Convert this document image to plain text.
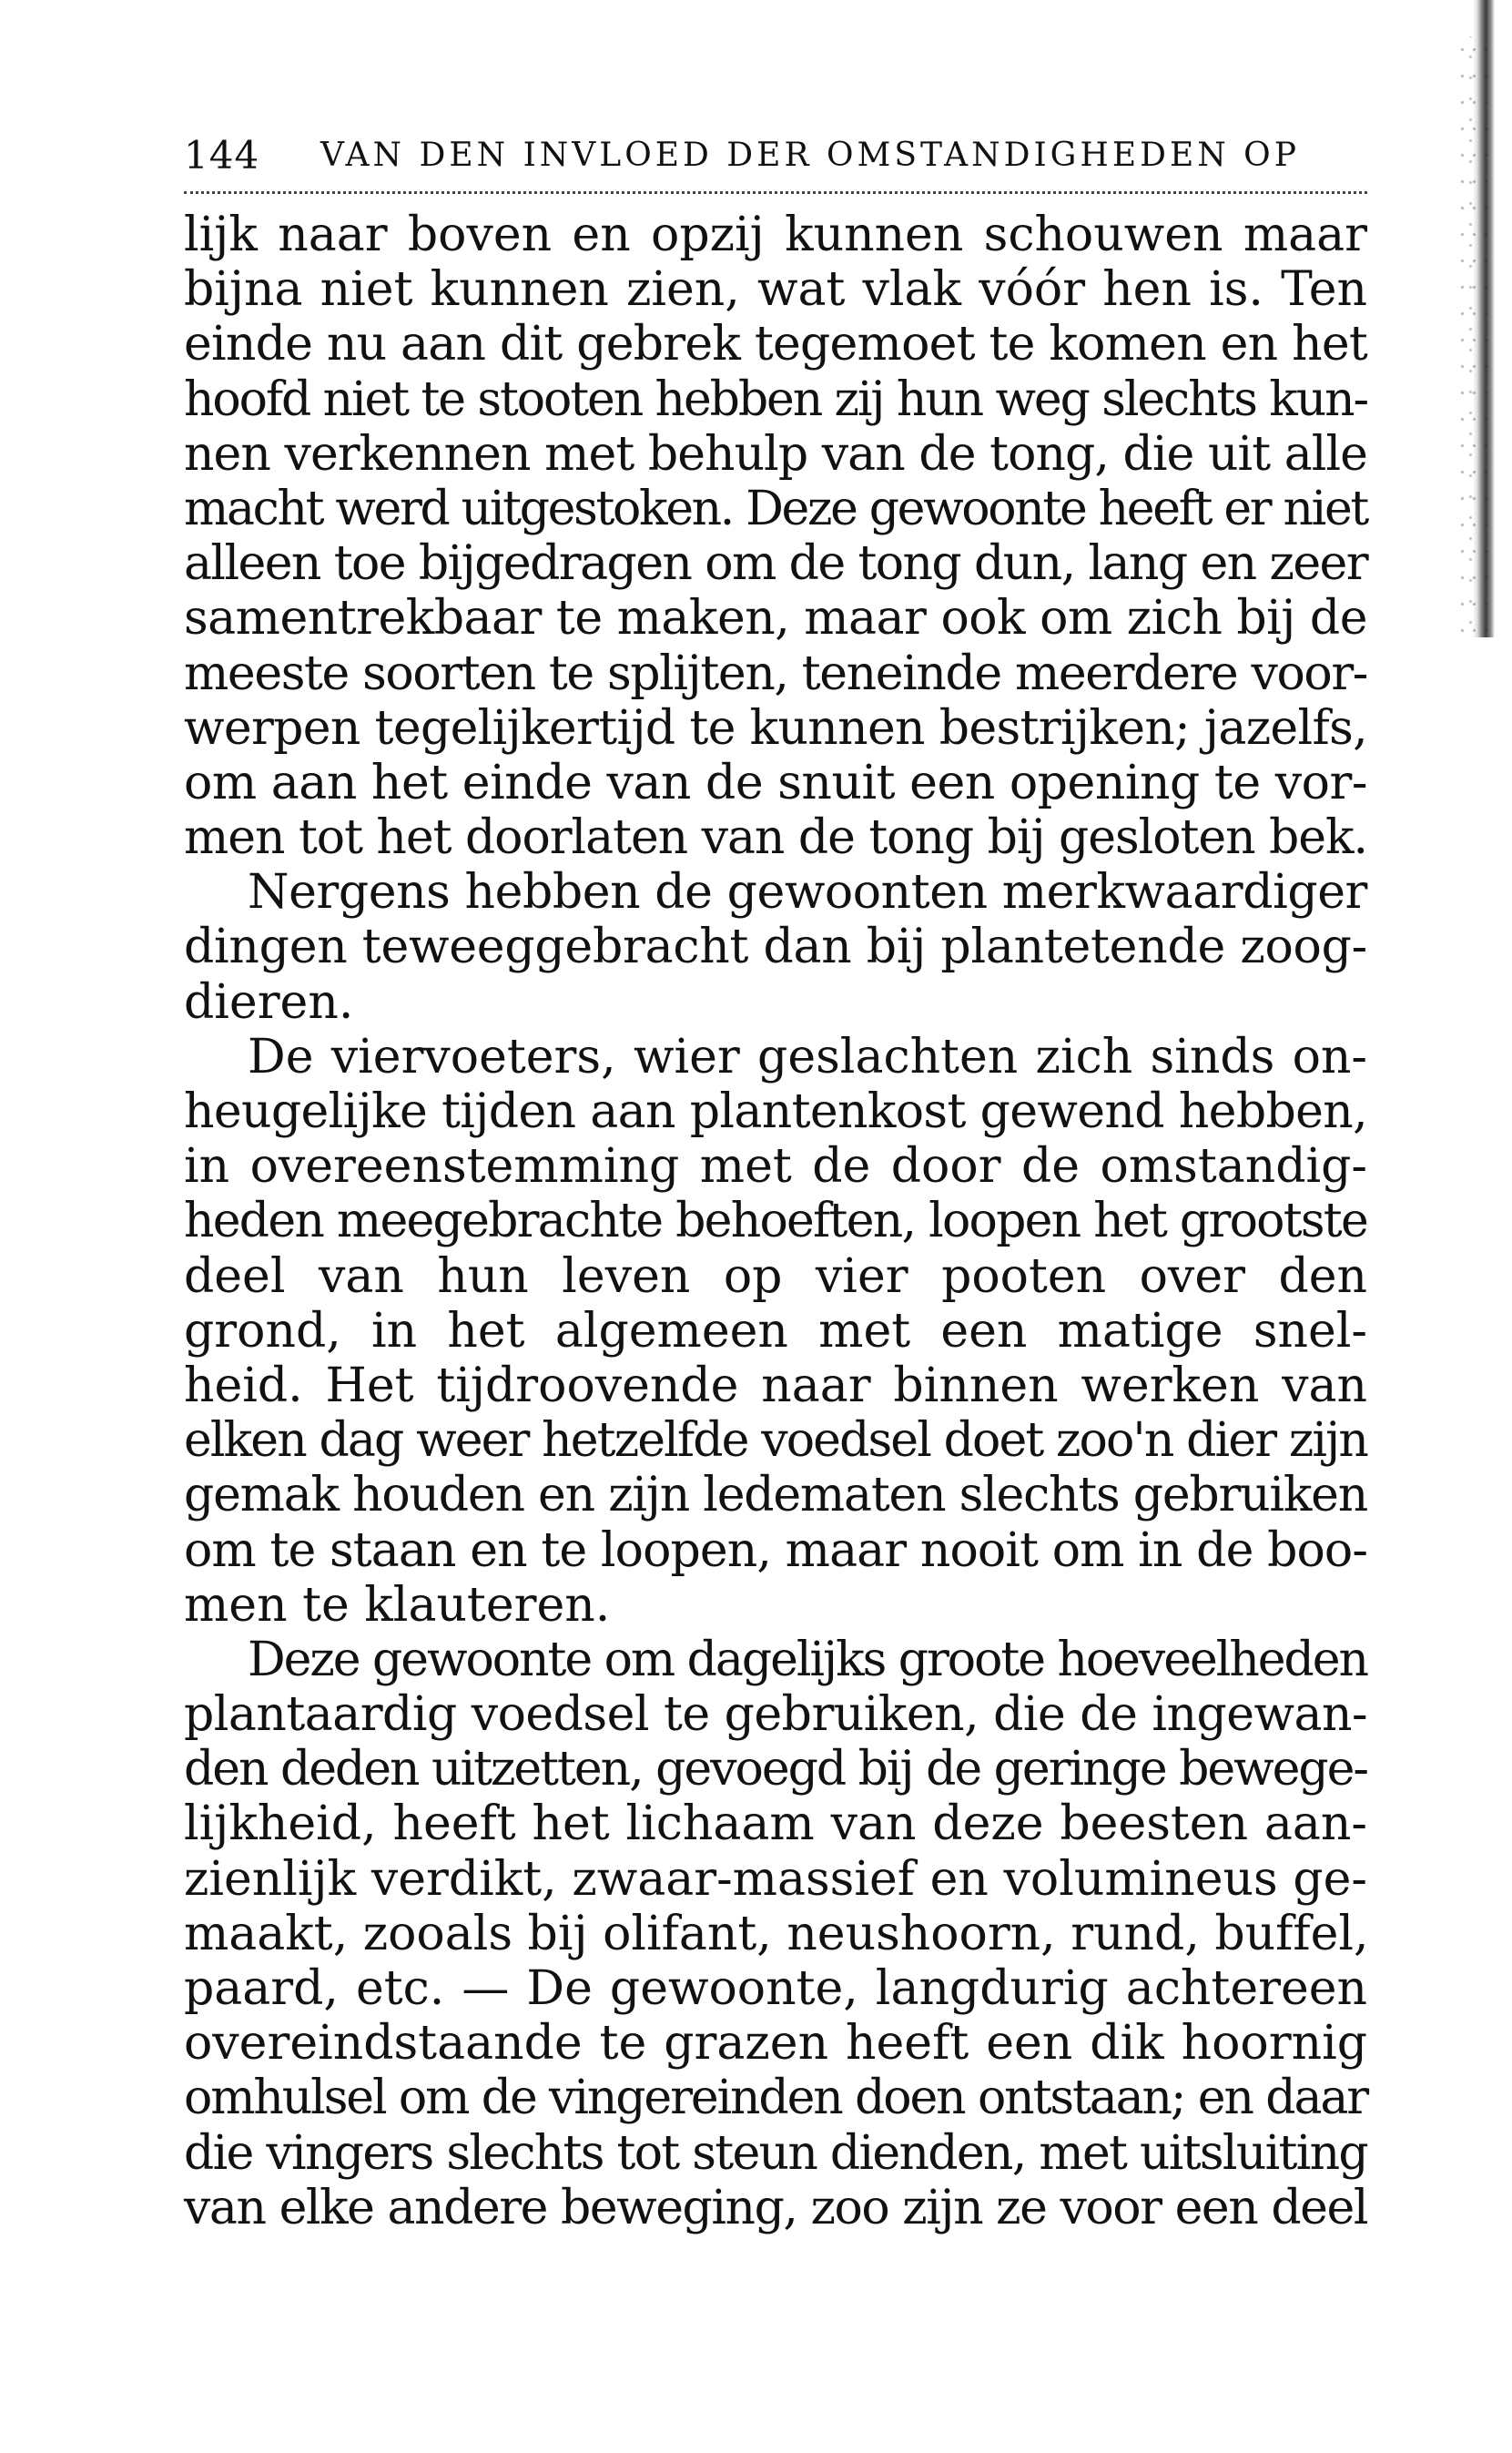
144 VAN DEN INVLOED DER OMSTANDIGHEDEN OP
lijk naar boven en opzij kunnen schouwen maar
bijna niet kunnen zien, wat vlak vóór hen is. Ten
einde nu aan dit gebrek tegemoet te komen en het
hoofd niet te stooten hebben zij hun weg slechts kun-
nen verkennen met behulp van de tong, die uit alle
macht werd uitgestoken. Deze gewoonte heeft er niet
alleen toe bijgedragen om de tong dun, lang en zeer
samentrekbaar te maken, maar ook om zich bij de
meeste soorten te splijten, teneinde meerdere voor-
werpen tegelijkertijd te kunnen bestrijken; jazelfs,
om aan het einde van de snuit een opening te vor-
men tot het doorlaten van de tong bij gesloten bek.
Nergens hebben de gewoonten merkwaardiger
dingen teweeggebracht dan bij plantetende zoog-
dieren.
De viervoeters, wier geslachten zich sinds on-
heugelijke tijden aan plantenkost gewend hebben,
in overeenstemming met de door de omstandig-
heden meegebrachte behoeften, loopen het grootste
deel van hun leven op vier pooten over den
grond, in het algemeen met een matige snel-
heid. Het tijdroovende naar binnen werken van
elken dag weer hetzelfde voedsel doet zoo'n dier zijn
gemak houden en zijn ledematen slechts gebruiken
om te staan en te loopen, maar nooit om in de boo-
men te klauteren.
Deze gewoonte om dagelijks groote hoeveelheden
plantaardig voedsel te gebruiken, die de ingewan-
den deden uitzetten, gevoegd bij de geringe bewege-
lijkheid, heeft het lichaam van deze beesten aan-
zienlijk verdikt, zwaar-massief en volumineus ge-
maakt, zooals bij olifant, neushoorn, rund, buffel,
paard, etc. — De gewoonte, langdurig achtereen
overeindstaande te grazen heeft een dik hoornig
omhulsel om de vingereinden doen ontstaan; en daar
die vingers slechts tot steun dienden, met uitsluiting
van elke andere beweging, zoo zijn ze voor een deel
